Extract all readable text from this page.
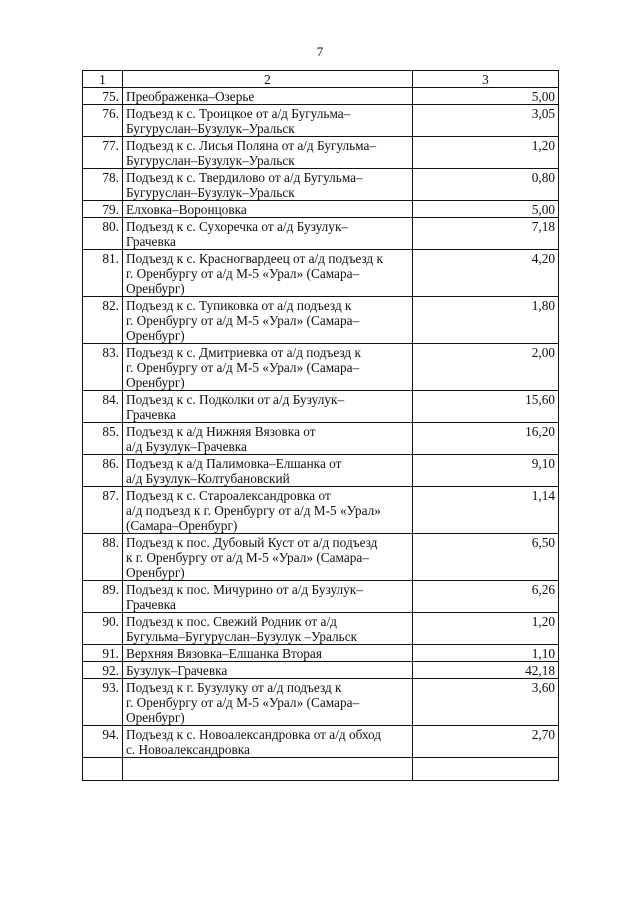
7
1	2	3
75.	Преображенка–Озерье	5,00
76.	Подъезд к с. Троицкое от а/д Бугульма–
Бугуруслан–Бузулук–Уральск	3,05
77.	Подъезд к с. Лисья Поляна от а/д Бугульма–
Бугуруслан–Бузулук–Уральск	1,20
78.	Подъезд к с. Твердилово от а/д Бугульма–
Бугуруслан–Бузулук–Уральск	0,80
79.	Елховка–Воронцовка	5,00
80.	Подъезд к с. Сухоречка от а/д Бузулук–
Грачевка	7,18
81.	Подъезд к с. Красногвардеец от а/д подъезд к
г. Оренбургу от а/д М-5 «Урал» (Самара–
Оренбург)	4,20
82.	Подъезд к с. Тупиковка от а/д подъезд к
г. Оренбургу от а/д М-5 «Урал» (Самара–
Оренбург)	1,80
83.	Подъезд к с. Дмитриевка от а/д подъезд к
г. Оренбургу от а/д М-5 «Урал» (Самара–
Оренбург)	2,00
84.	Подъезд к с. Подколки от а/д Бузулук–
Грачевка	15,60
85.	Подъезд к а/д Нижняя Вязовка от
а/д Бузулук–Грачевка	16,20
86.	Подъезд к а/д Палимовка–Елшанка от
а/д Бузулук–Колтубановский	9,10
87.	Подъезд к с. Староалександровка от
а/д подъезд к г. Оренбургу от а/д М-5 «Урал»
(Самара–Оренбург)	1,14
88.	Подъезд к пос. Дубовый Куст от а/д подъезд
к г. Оренбургу от а/д М-5 «Урал» (Самара–
Оренбург)	6,50
89.	Подъезд к пос. Мичурино от а/д Бузулук–
Грачевка	6,26
90.	Подъезд к пос. Свежий Родник от а/д
Бугульма–Бугуруслан–Бузулук –Уральск	1,20
91.	Верхняя Вязовка–Елшанка Вторая	1,10
92.	Бузулук–Грачевка	42,18
93.	Подъезд к г. Бузулуку от а/д подъезд к
г. Оренбургу от а/д М-5 «Урал» (Самара–
Оренбург)	3,60
94.	Подъезд к с. Новоалександровка от а/д обход
с. Новоалександровка	2,70
